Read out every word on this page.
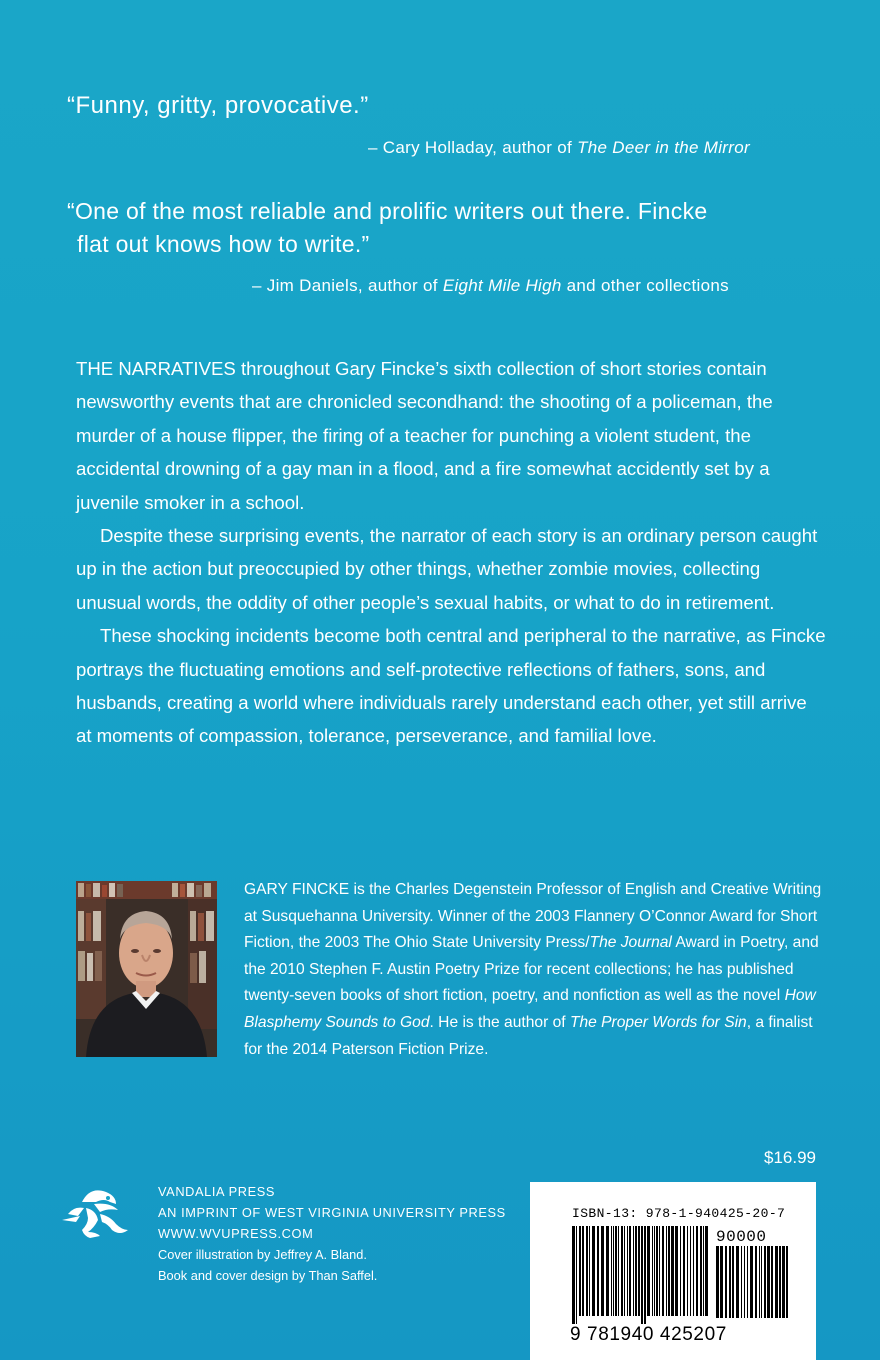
“Funny, gritty, provocative.”
– Cary Holladay, author of The Deer in the Mirror
“One of the most reliable and prolific writers out there. Fincke
flat out knows how to write.”
– Jim Daniels, author of Eight Mile High and other collections

THE NARRATIVES throughout Gary Fincke’s sixth collection of short stories contain newsworthy events that are chronicled secondhand: the shooting of a policeman, the murder of a house flipper, the firing of a teacher for punching a violent student, the accidental drowning of a gay man in a flood, and a fire somewhat accidently set by a juvenile smoker in a school.

Despite these surprising events, the narrator of each story is an ordinary person caught up in the action but preoccupied by other things, whether zombie movies, collecting unusual words, the oddity of other people’s sexual habits, or what to do in retirement.

These shocking incidents become both central and peripheral to the narrative, as Fincke portrays the fluctuating emotions and self-protective reflections of fathers, sons, and husbands, creating a world where individuals rarely understand each other, yet still arrive at moments of compassion, tolerance, perseverance, and familial love.

GARY FINCKE is the Charles Degenstein Professor of English and Creative Writing at Susquehanna University. Winner of the 2003 Flannery O’Connor Award for Short Fiction, the 2003 The Ohio State University Press/The Journal Award in Poetry, and the 2010 Stephen F. Austin Poetry Prize for recent collections; he has published twenty-seven books of short fiction, poetry, and nonfiction as well as the novel How Blasphemy Sounds to God. He is the author of The Proper Words for Sin, a finalist for the 2014 Paterson Fiction Prize.

$16.99
VANDALIA PRESS
AN IMPRINT OF WEST VIRGINIA UNIVERSITY PRESS
WWW.WVUPRESS.COM
Cover illustration by Jeffrey A. Bland.
Book and cover design by Than Saffel.
ISBN-13: 978-1-940425-20-7
90000
9 781940 425207
